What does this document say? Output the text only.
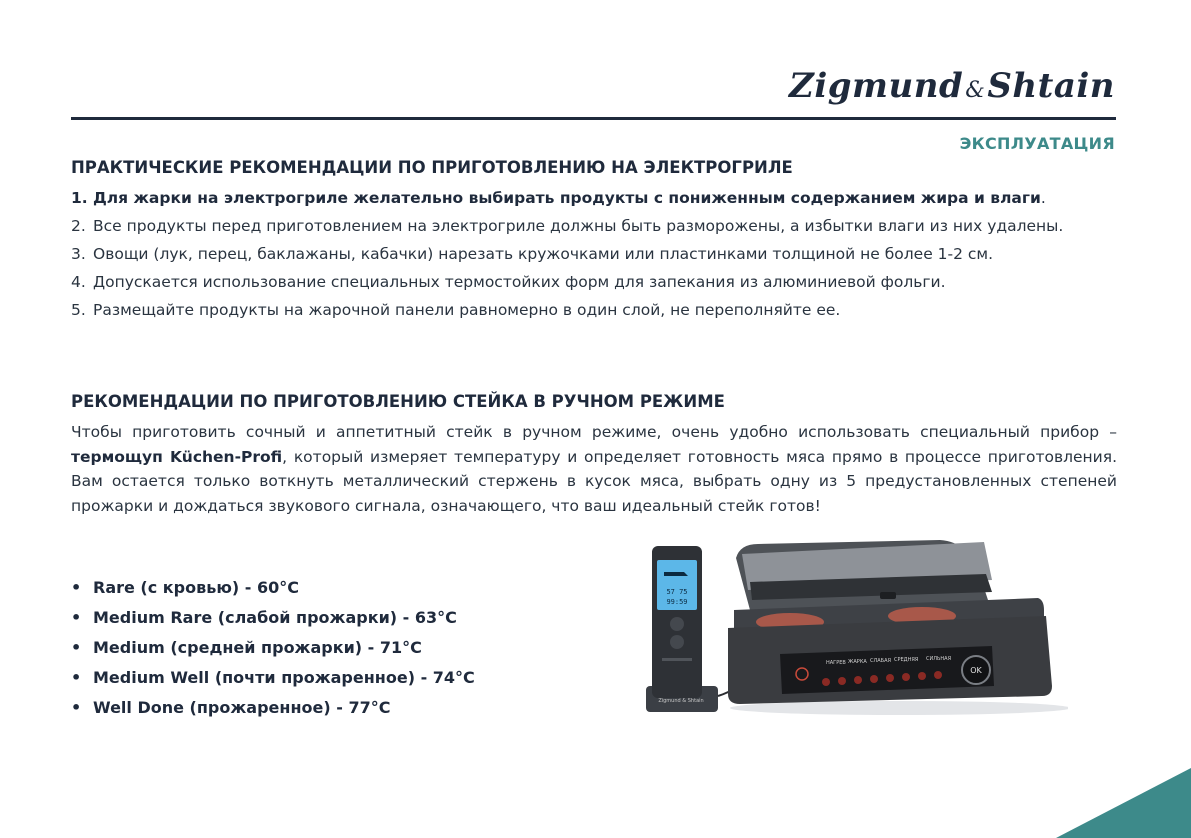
Zigmund&Shtain
ЭКСПЛУАТАЦИЯ
ПРАКТИЧЕСКИЕ РЕКОМЕНДАЦИИ ПО ПРИГОТОВЛЕНИЮ НА ЭЛЕКТРОГРИЛЕ
1. Для жарки на электрогриле желательно выбирать продукты с пониженным содержанием жира и влаги.
2. Все продукты перед приготовлением на электрогриле должны быть разморожены, а избытки влаги из них удалены.
3. Овощи (лук, перец, баклажаны, кабачки) нарезать кружочками или пластинками толщиной не более 1-2 см.
4. Допускается использование специальных термостойких форм для запекания из алюминиевой фольги.
5. Размещайте продукты на жарочной панели равномерно в один слой, не переполняйте ее.
РЕКОМЕНДАЦИИ ПО ПРИГОТОВЛЕНИЮ СТЕЙКА В РУЧНОМ РЕЖИМЕ

Чтобы приготовить сочный и аппетитный стейк в ручном режиме, очень удобно использовать специальный прибор – термощуп Küchen-Profi, который измеряет температуру и определяет готовность мяса прямо в процессе приготовления. Вам остается только воткнуть металлический стержень в кусок мяса, выбрать одну из 5 предустановленных степеней прожарки и дождаться звукового сигнала, означающего, что ваш идеальный стейк готов!

• Rare (с кровью) - 60°C
• Medium Rare (слабой прожарки) - 63°C
• Medium (средней прожарки) - 71°C
• Medium Well (почти прожаренное) - 74°C
• Well Done (прожаренное) - 77°C
57 75
99:59
Zigmund & Shtain
НАГРЕВ ЖАРКА СЛАБАЯ СРЕДНЯЯ СИЛЬНАЯ
OK
